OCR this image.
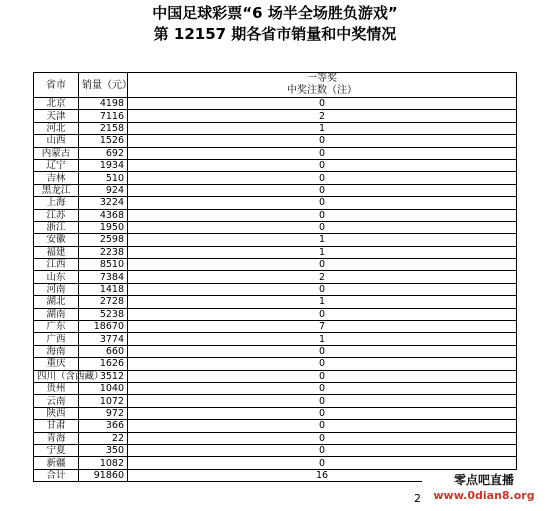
中国足球彩票“6 场半全场胜负游戏”
第 12157 期各省市销量和中奖情况
省市	销量（元）	一等奖
中奖注数（注）

北京	4198	0
天津	7116	2
河北	2158	1
山西	1526	0
内蒙古	692	0
辽宁	1934	0
吉林	510	0
黑龙江	924	0
上海	3224	0
江苏	4368	0
浙江	1950	0
安徽	2598	1
福建	2238	1
江西	8510	0
山东	7384	2
河南	1418	0
湖北	2728	1
湖南	5238	0
广东	18670	7
广西	3774	1
海南	660	0
重庆	1626	0
四川（含西藏）	3512	0
贵州	1040	0
云南	1072	0
陕西	972	0
甘肃	366	0
青海	22	0
宁夏	350	0
新疆	1082	0
合计	91860	16
2
零点吧直播
www.0dian8.org
